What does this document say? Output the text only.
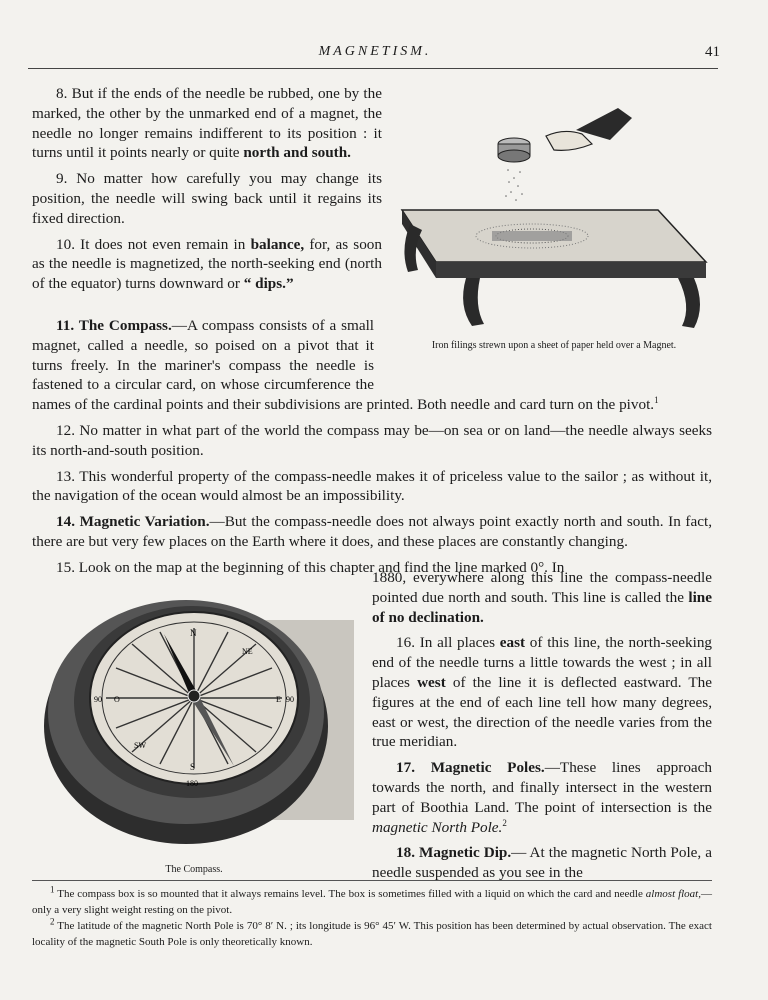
MAGNETISM.	41

8. But if the ends of the needle be rubbed, one by the marked, the other by the unmarked end of a magnet, the needle no longer remains indifferent to its position : it turns until it points nearly or quite north and south.

9. No matter how carefully you may change its position, the needle will swing back until it regains its fixed direction.

10. It does not even remain in balance, for, as soon as the needle is magnetized, the north-seeking end (north of the equator) turns downward or “ dips.”

11. The Compass.—A compass consists of a small magnet, called a needle, so poised on a pivot that it turns freely. In the mariner's compass the needle is fastened to a circular card, on whose circumference the names of the cardinal points and their subdivisions are printed. Both needle and card turn on the pivot.$^1$

12. No matter in what part of the world the compass may be—on sea or on land—the needle always seeks its north-and-south position.

13. This wonderful property of the compass-needle makes it of priceless value to the sailor ; as without it, the navigation of the ocean would almost be an impossibility.

14. Magnetic Variation.—But the compass-needle does not always point exactly north and south. In fact, there are but very few places on the Earth where it does, and these places are constantly changing.

15. Look on the map at the beginning of this chapter and find the line marked 0°. In

1880, everywhere along this line the compass-needle pointed due north and south. This line is called the line of no declination.

16. In all places east of this line, the north-seeking end of the needle turns a little towards the west ; in all places west of the line it is deflected eastward. The figures at the end of each line tell how many degrees, east or west, the direction of the needle varies from the true meridian.

17. Magnetic Poles.—These lines approach towards the north, and finally intersect in the western part of Boothia Land. The point of intersection is the magnetic North Pole.$^2$

18. Magnetic Dip.— At the magnetic North Pole, a needle suspended as you see in the

Iron filings strewn upon a sheet of paper held over a Magnet.
N
S
NE
SW
E
O
90	90
180
The Compass.

$^1$ The compass box is so mounted that it always remains level. The box is sometimes filled with a liquid on which the card and needle almost float,—only a very slight weight resting on the pivot.

$^2$ The latitude of the magnetic North Pole is 70° 8′ N. ; its longitude is 96° 45′ W. This position has been determined by actual observation. The exact locality of the magnetic South Pole is only theoretically known.
